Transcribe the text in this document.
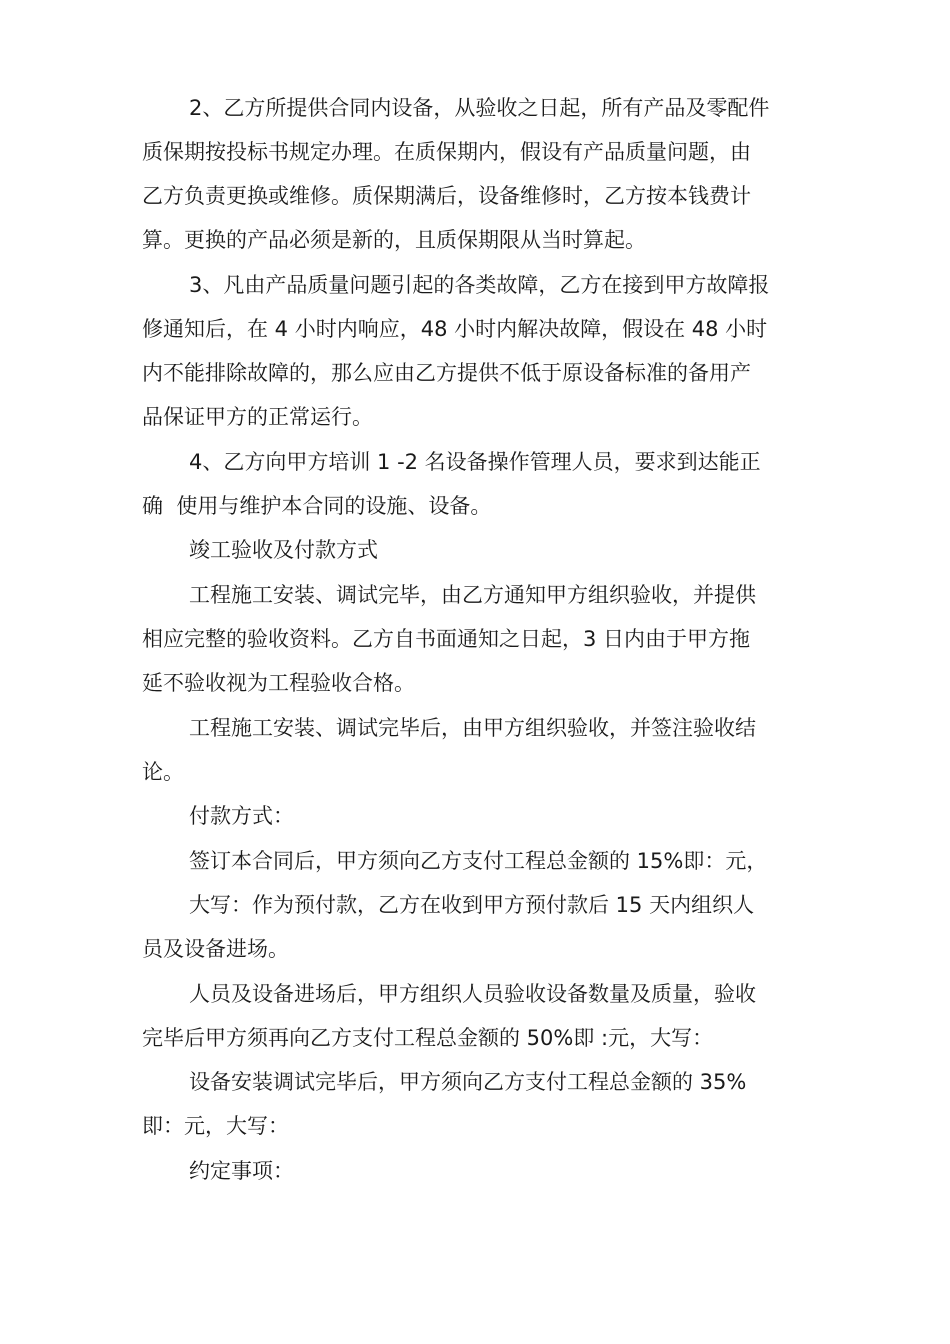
2、乙方所提供合同内设备，从验收之日起，所有产品及零配件
质保期按投标书规定办理。在质保期内，假设有产品质量问题，由
乙方负责更换或维修。质保期满后，设备维修时，乙方按本钱费计
算。更换的产品必须是新的，且质保期限从当时算起。
3、凡由产品质量问题引起的各类故障，乙方在接到甲方故障报
修通知后，在 4 小时内响应，48 小时内解决故障，假设在 48 小时
内不能排除故障的，那么应由乙方提供不低于原设备标准的备用产
品保证甲方的正常运行。
4、乙方向甲方培训 1 -2 名设备操作管理人员，要求到达能正
确  使用与维护本合同的设施、设备。
竣工验收及付款方式
工程施工安装、调试完毕，由乙方通知甲方组织验收，并提供
相应完整的验收资料。乙方自书面通知之日起，3 日内由于甲方拖
延不验收视为工程验收合格。
工程施工安装、调试完毕后，由甲方组织验收，并签注验收结
论。
付款方式：
签订本合同后，甲方须向乙方支付工程总金额的 15%即：元，
大写：作为预付款，乙方在收到甲方预付款后 15 天内组织人
员及设备进场。
人员及设备进场后，甲方组织人员验收设备数量及质量，验收
完毕后甲方须再向乙方支付工程总金额的 50%即 :元，大写：
设备安装调试完毕后，甲方须向乙方支付工程总金额的 35%
即：元，大写：
约定事项：
